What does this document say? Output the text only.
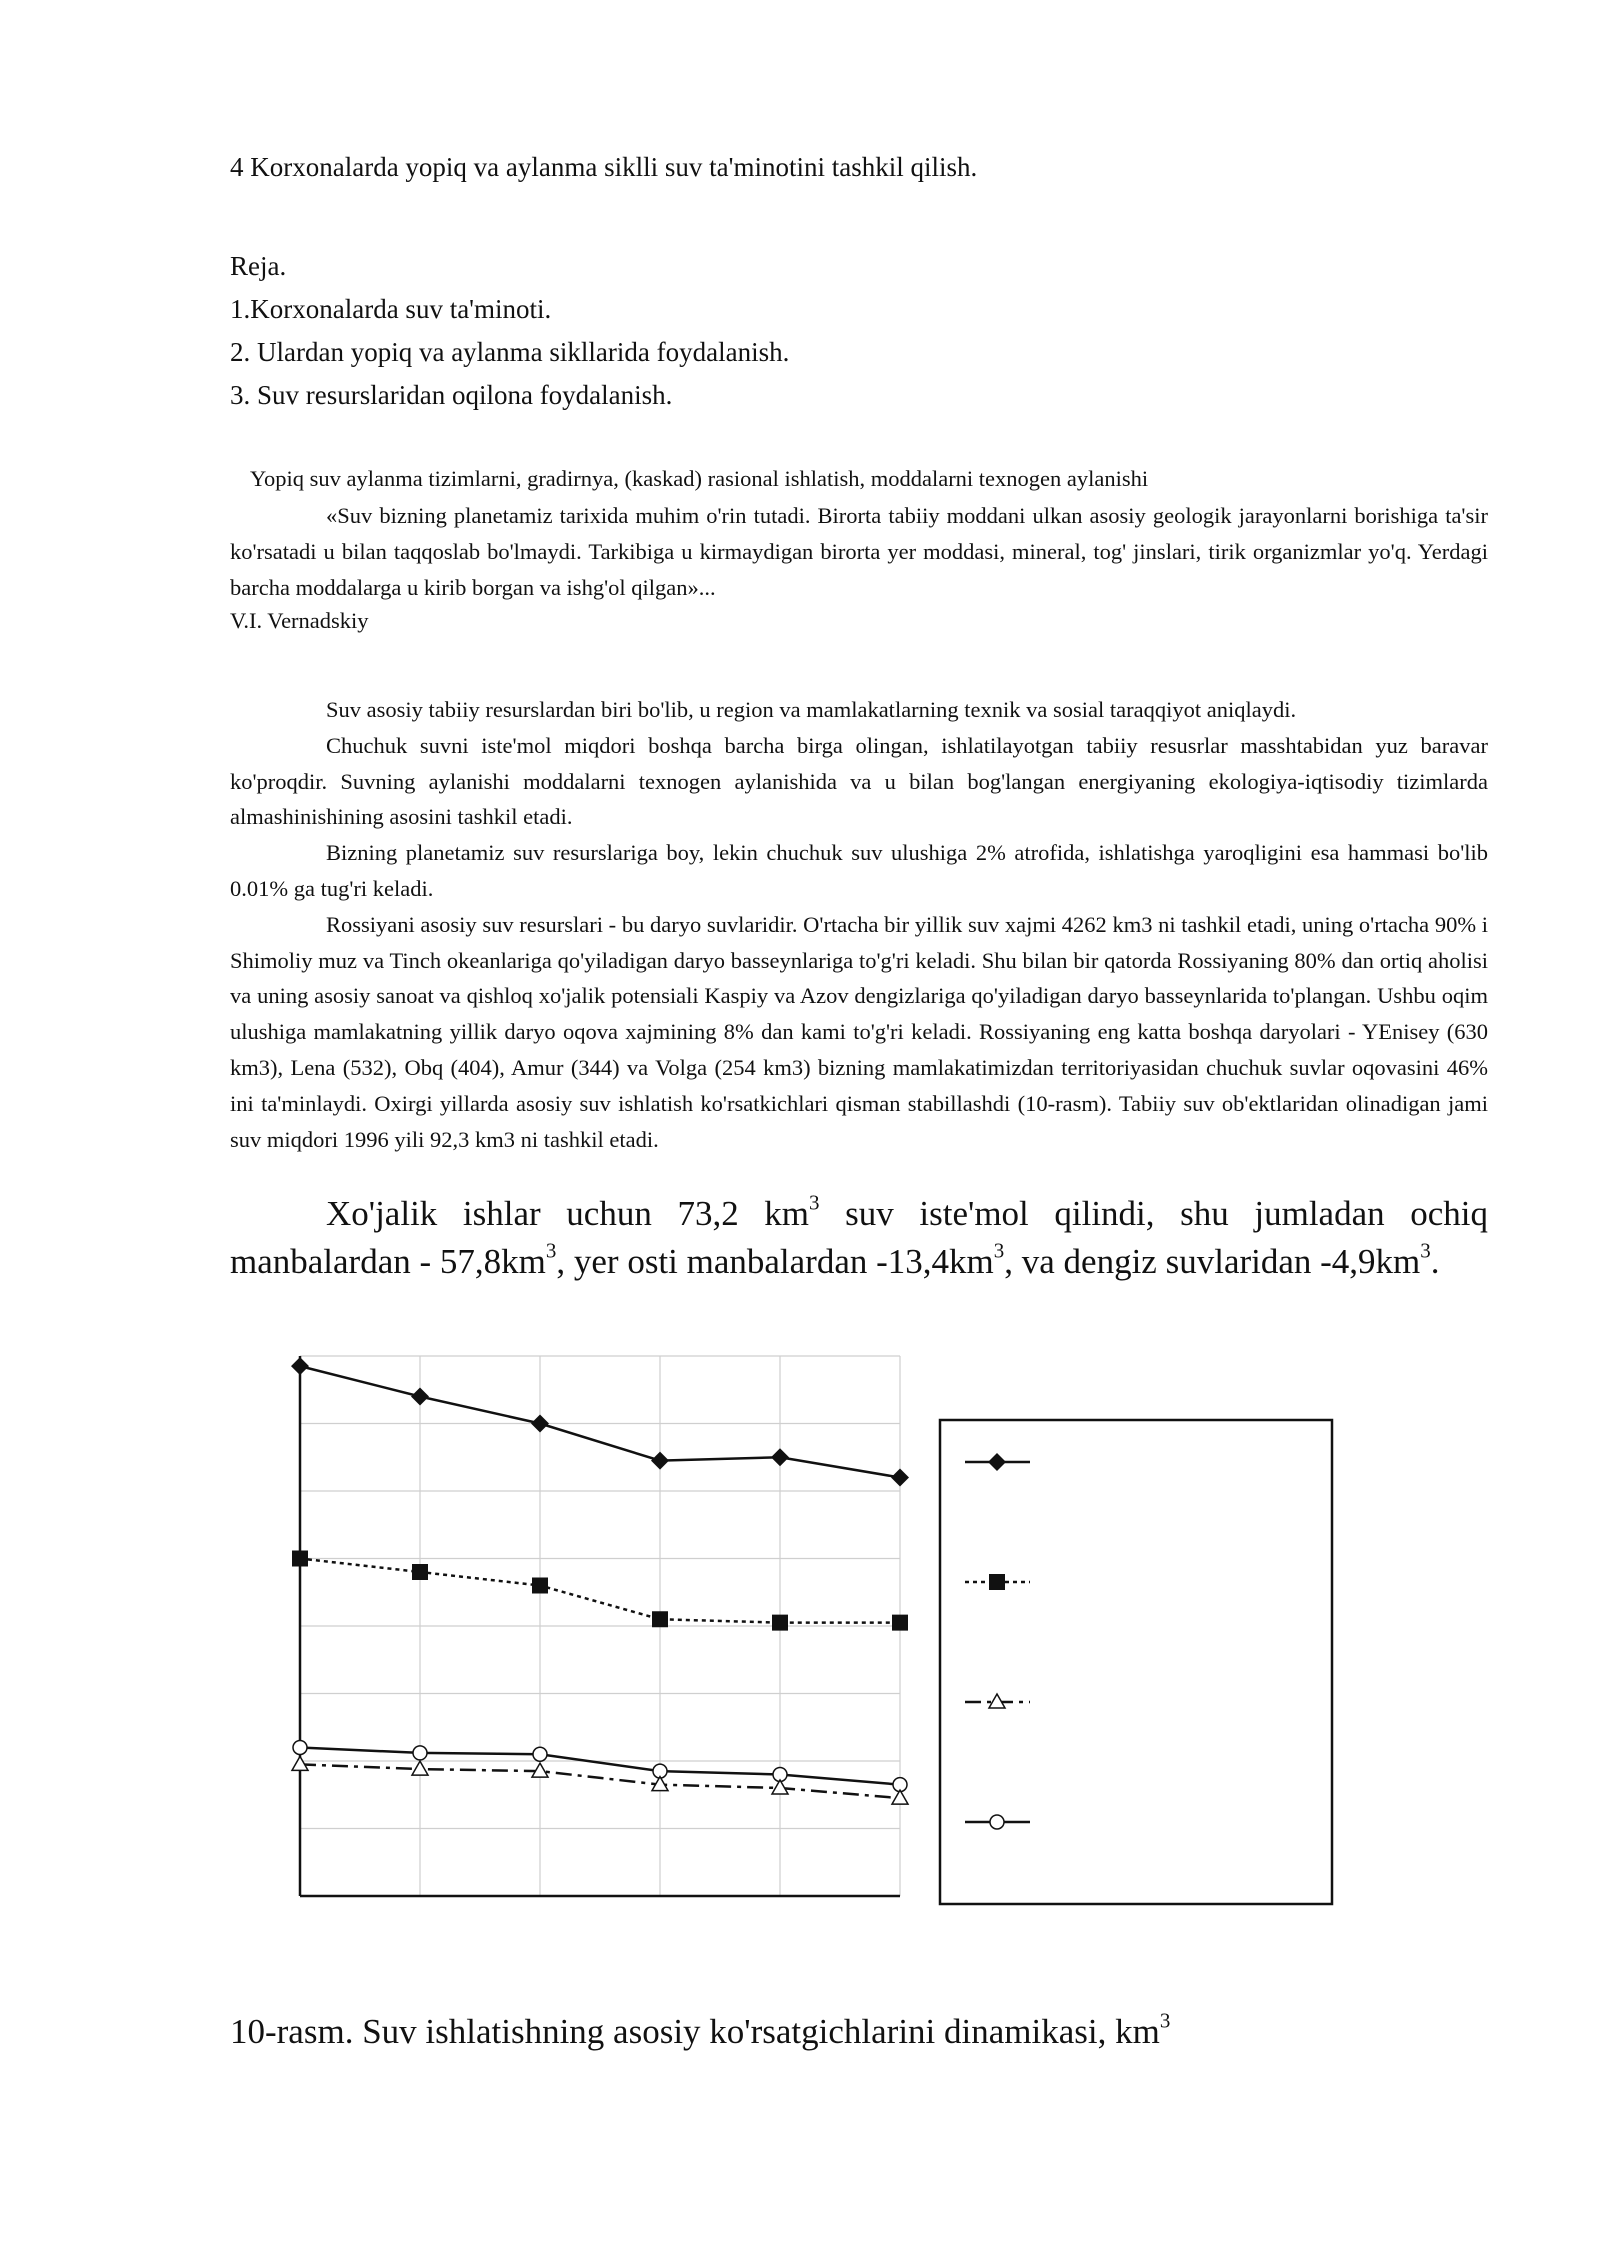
4 Korxonalarda yopiq va aylanma siklli suv ta'minotini tashkil qilish.
Reja.
1.Korxonalarda suv ta'minoti.
2. Ulardan yopiq va aylanma sikllarida foydalanish.
3. Suv resurslaridan oqilona foydalanish.
Yopiq suv aylanma tizimlarni, gradirnya, (kaskad) rasional ishlatish, moddalarni texnogen aylanishi

«Suv bizning planetamiz tarixida muhim o'rin tutadi. Birorta tabiiy moddani ulkan asosiy geologik jarayonlarni borishiga ta'sir ko'rsatadi u bilan taqqoslab bo'lmaydi. Tarkibiga u kirmaydigan birorta yer moddasi, mineral, tog' jinslari, tirik organizmlar yo'q. Yerdagi barcha moddalarga u kirib borgan va ishg'ol qilgan»...

V.I. Vernadskiy

Suv asosiy tabiiy resurslardan biri bo'lib, u region va mamlakatlarning texnik va sosial taraqqiyot aniqlaydi.

Chuchuk suvni iste'mol miqdori boshqa barcha birga olingan, ishlatilayotgan tabiiy resusrlar masshtabidan yuz baravar ko'proqdir. Suvning aylanishi moddalarni texnogen aylanishida va u bilan bog'langan energiyaning ekologiya-iqtisodiy tizimlarda almashinishining asosini tashkil etadi.

Bizning planetamiz suv resurslariga boy, lekin chuchuk suv ulushiga 2% atrofida, ishlatishga yaroqligini esa hammasi bo'lib 0.01% ga tug'ri keladi.

Rossiyani asosiy suv resurslari - bu daryo suvlaridir. O'rtacha bir yillik suv xajmi 4262 km3 ni tashkil etadi, uning o'rtacha 90% i Shimoliy muz va Tinch okeanlariga qo'yiladigan daryo basseynlariga to'g'ri keladi. Shu bilan bir qatorda Rossiyaning 80% dan ortiq aholisi va uning asosiy sanoat va qishloq xo'jalik potensiali Kaspiy va Azov dengizlariga qo'yiladigan daryo basseynlarida to'plangan. Ushbu oqim ulushiga mamlakatning yillik daryo oqova xajmining 8% dan kami to'g'ri keladi. Rossiyaning eng katta boshqa daryolari - YEnisey (630 km3), Lena (532), Obq (404), Amur (344) va Volga (254 km3) bizning mamlakatimizdan territoriyasidan chuchuk suvlar oqovasini 46% ini ta'minlaydi. Oxirgi yillarda asosiy suv ishlatish ko'rsatkichlari qisman stabillashdi (10-rasm). Tabiiy suv ob'ektlaridan olinadigan jami suv miqdori 1996 yili 92,3 km3 ni tashkil etadi.

Xo'jalik ishlar uchun 73,2 $km^3$ suv iste'mol qilindi, shu jumladan ochiq manbalardan - $57,8km^3$, yer osti manbalardan $-13,4km^3$, va dengiz suvlaridan $-4,9km^3$.

10-rasm. Suv ishlatishning asosiy ko'rsatgichlarini dinamikasi, $km^3$
